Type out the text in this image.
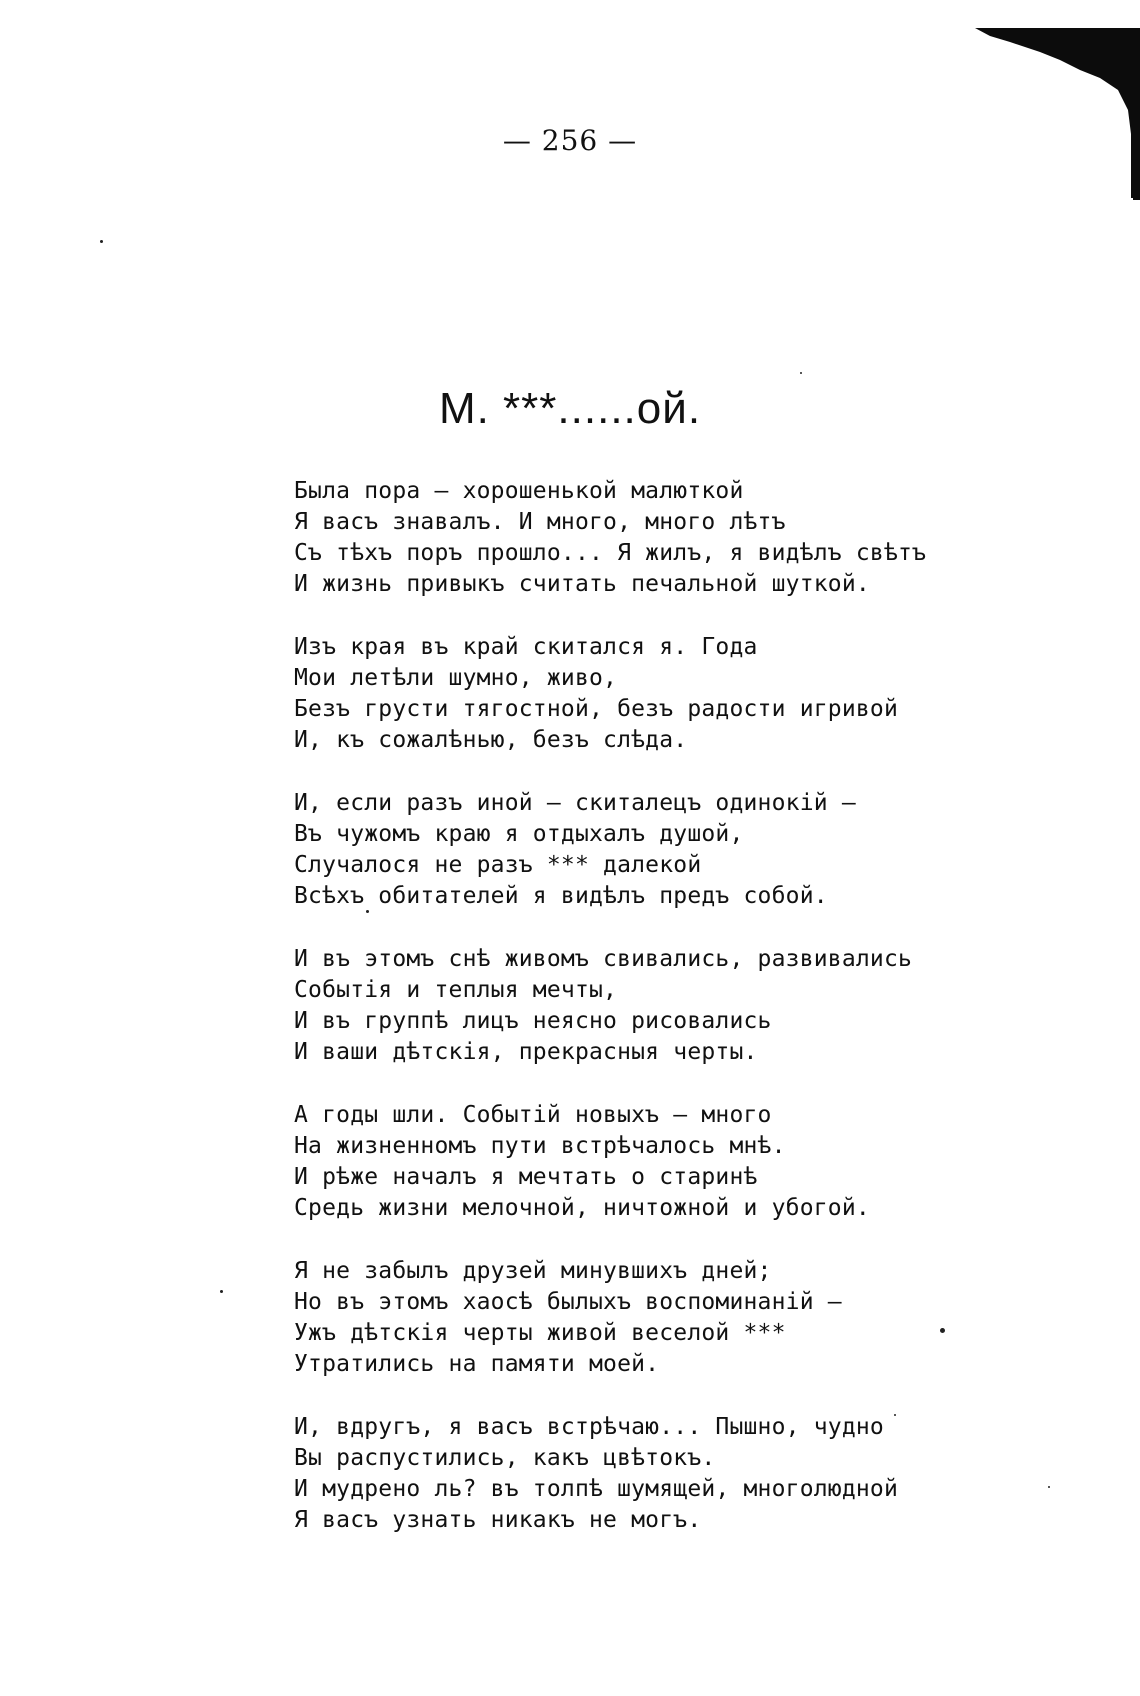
— 256 —
М. ***......ой.
Была пора — хорошенькой малюткой
Я васъ знавалъ. И много, много лѣтъ
Съ тѣхъ поръ прошло... Я жилъ, я видѣлъ свѣтъ
И жизнь привыкъ считать печальной шуткой.
Изъ края въ край скитался я. Года
Мои летѣли шумно, живо,
Безъ грусти тягостной, безъ радости игривой
И, къ сожалѣнью, безъ слѣда.
И, если разъ иной — скиталецъ одинокій —
Въ чужомъ краю я отдыхалъ душой,
Случалося не разъ *** далекой
Всѣхъ обитателей я видѣлъ предъ собой.
И въ этомъ снѣ живомъ свивались, развивались
Событія и теплыя мечты,
И въ группѣ лицъ неясно рисовались
И ваши дѣтскія, прекрасныя черты.
А годы шли. Событій новыхъ — много
На жизненномъ пути встрѣчалось мнѣ.
И рѣже началъ я мечтать о старинѣ
Средь жизни мелочной, ничтожной и убогой.
Я не забылъ друзей минувшихъ дней;
Но въ этомъ хаосѣ былыхъ воспоминаній —
Ужъ дѣтскія черты живой веселой ***
Утратились на памяти моей.
И, вдругъ, я васъ встрѣчаю... Пышно, чудно
Вы распустились, какъ цвѣтокъ.
И мудрено ль? въ толпѣ шумящей, многолюдной
Я васъ узнать никакъ не могъ.
